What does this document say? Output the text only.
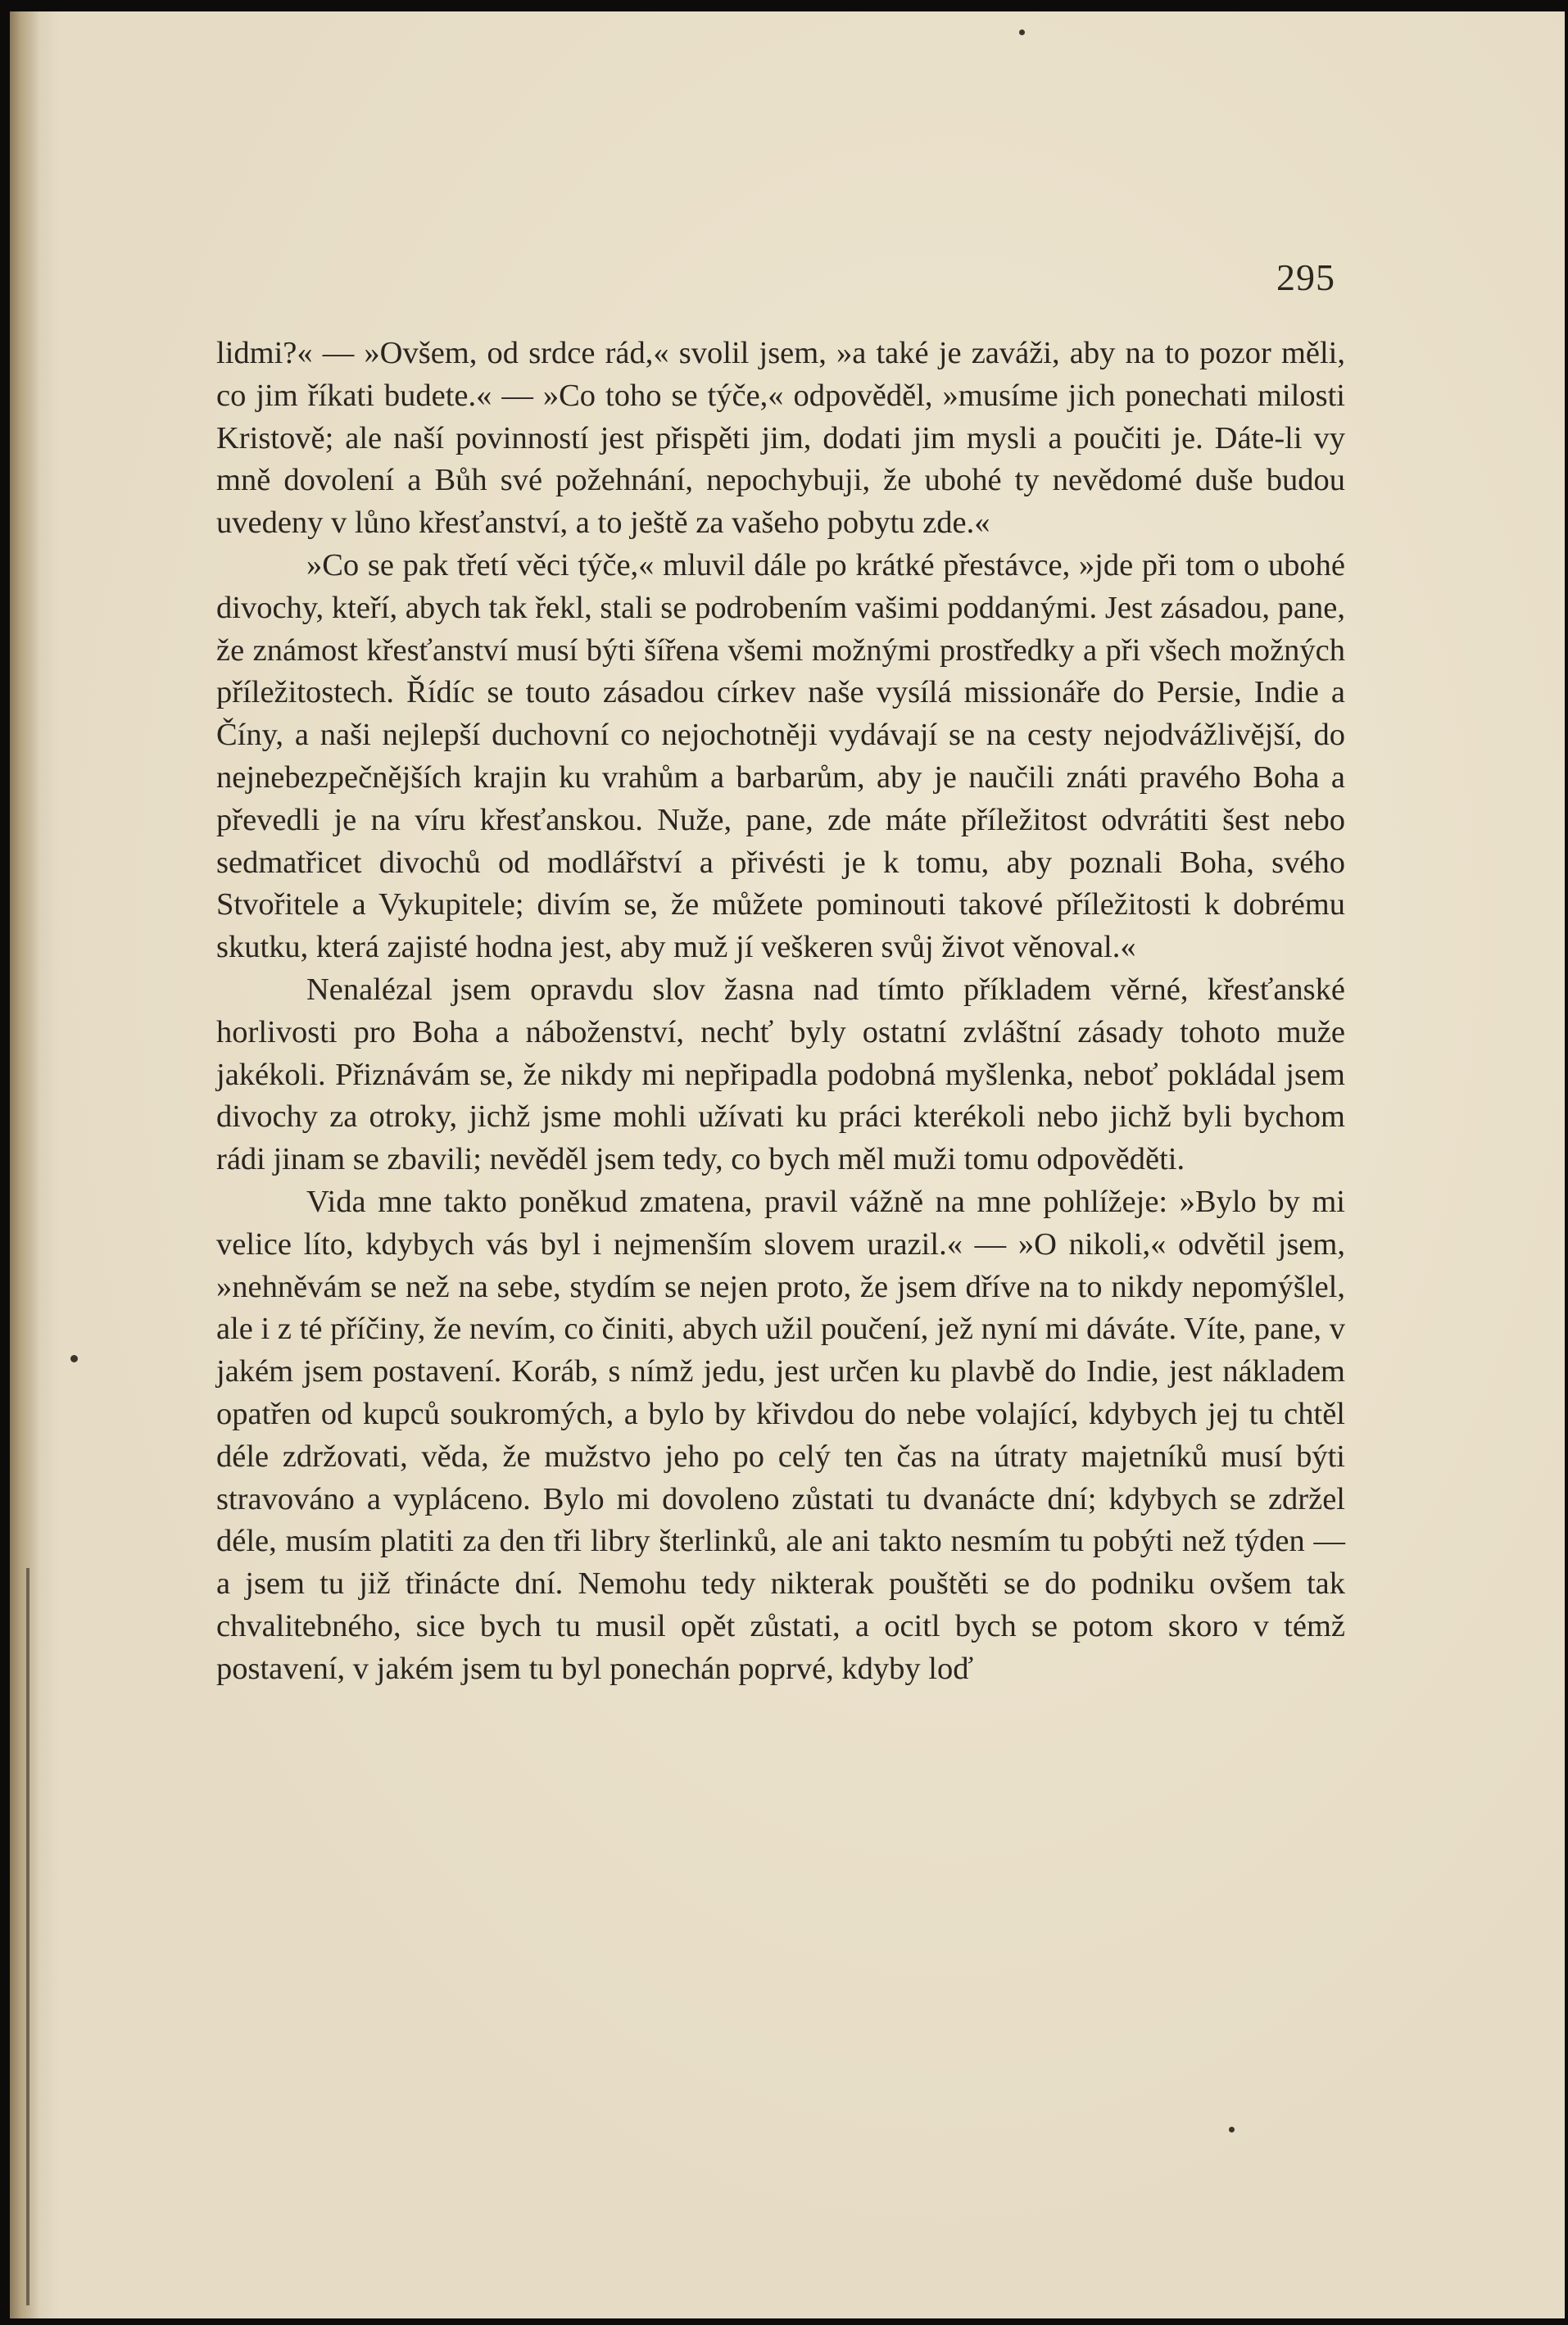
295

lidmi?« — »Ovšem, od srdce rád,« svolil jsem, »a také je zaváži, aby na to pozor měli, co jim říkati budete.« — »Co toho se týče,« odpověděl, »musíme jich ponechati milosti Kristově; ale naší povinností jest přispěti jim, dodati jim mysli a poučiti je. Dáte-li vy mně dovolení a Bůh své požehnání, nepochybuji, že ubohé ty nevědomé duše budou uvedeny v lůno křesťanství, a to ještě za vašeho pobytu zde.«

»Co se pak třetí věci týče,« mluvil dále po krátké přestávce, »jde při tom o ubohé divochy, kteří, abych tak řekl, stali se podrobením vašimi poddanými. Jest zásadou, pane, že známost křesťanství musí býti šířena všemi možnými prostředky a při všech možných příležitostech. Řídíc se touto zásadou církev naše vysílá missionáře do Persie, Indie a Číny, a naši nejlepší duchovní co nejochotněji vydávají se na cesty nejodvážlivější, do nejnebezpečnějších krajin ku vrahům a barbarům, aby je naučili znáti pravého Boha a převedli je na víru křesťanskou. Nuže, pane, zde máte příležitost odvrátiti šest nebo sedmatřicet divochů od modlářství a přivésti je k tomu, aby poznali Boha, svého Stvořitele a Vykupitele; divím se, že můžete pominouti takové příležitosti k dobrému skutku, která zajisté hodna jest, aby muž jí veškeren svůj život věnoval.«

Nenalézal jsem opravdu slov žasna nad tímto příkladem věrné, křesťanské horlivosti pro Boha a náboženství, nechť byly ostatní zvláštní zásady tohoto muže jakékoli. Přiznávám se, že nikdy mi nepřipadla podobná myšlenka, neboť pokládal jsem divochy za otroky, jichž jsme mohli užívati ku práci kterékoli nebo jichž byli bychom rádi jinam se zbavili; nevěděl jsem tedy, co bych měl muži tomu odpověděti.

Vida mne takto poněkud zmatena, pravil vážně na mne pohlížeje: »Bylo by mi velice líto, kdybych vás byl i nejmenším slovem urazil.« — »O nikoli,« odvětil jsem, »nehněvám se než na sebe, stydím se nejen proto, že jsem dříve na to nikdy nepomýšlel, ale i z té příčiny, že nevím, co činiti, abych užil poučení, jež nyní mi dáváte. Víte, pane, v jakém jsem postavení. Koráb, s nímž jedu, jest určen ku plavbě do Indie, jest nákladem opatřen od kupců soukromých, a bylo by křivdou do nebe volající, kdybych jej tu chtěl déle zdržovati, věda, že mužstvo jeho po celý ten čas na útraty majetníků musí býti stravováno a vypláceno. Bylo mi dovoleno zůstati tu dvanácte dní; kdybych se zdržel déle, musím platiti za den tři libry šterlinků, ale ani takto nesmím tu pobýti než týden — a jsem tu již třinácte dní. Nemohu tedy nikterak pouštěti se do podniku ovšem tak chvalitebného, sice bych tu musil opět zůstati, a ocitl bych se potom skoro v témž postavení, v jakém jsem tu byl ponechán poprvé, kdyby loď
